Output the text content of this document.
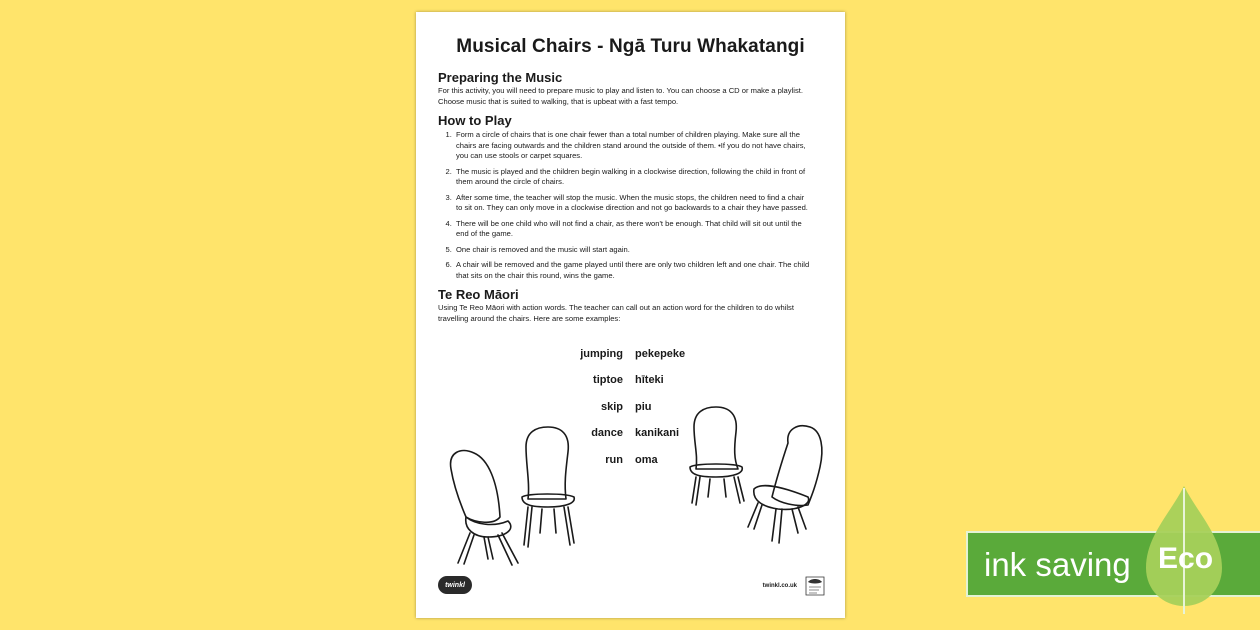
Musical Chairs - Ngā Turu Whakatangi
Preparing the Music

For this activity, you will need to prepare music to play and listen to. You can choose a CD or make a playlist.
Choose music that is suited to walking, that is upbeat with a fast tempo.

How to Play
1. Form a circle of chairs that is one chair fewer than a total number of children playing. Make sure all the
chairs are facing outwards and the children stand around the outside of them. •If you do not have chairs,
you can use stools or carpet squares.
2. The music is played and the children begin walking in a clockwise direction, following the child in front of
them around the circle of chairs.
3. After some time, the teacher will stop the music. When the music stops, the children need to find a chair
to sit on. They can only move in a clockwise direction and not go backwards to a chair they have passed.
4. There will be one child who will not find a chair, as there won't be enough. That child will sit out until the
end of the game.
5. One chair is removed and the music will start again.
6. A chair will be removed and the game played until there are only two children left and one chair. The child
that sits on the chair this round, wins the game.
Te Reo Māori

Using Te Reo Māori with action words. The teacher can call out an action word for the children to do whilst
travelling around the chairs. Here are some examples:

jumping pekepeke
tiptoe hīteki
skip piu
dance kanikani
run oma
twinkl	twinkl.co.uk
ink saving Eco
